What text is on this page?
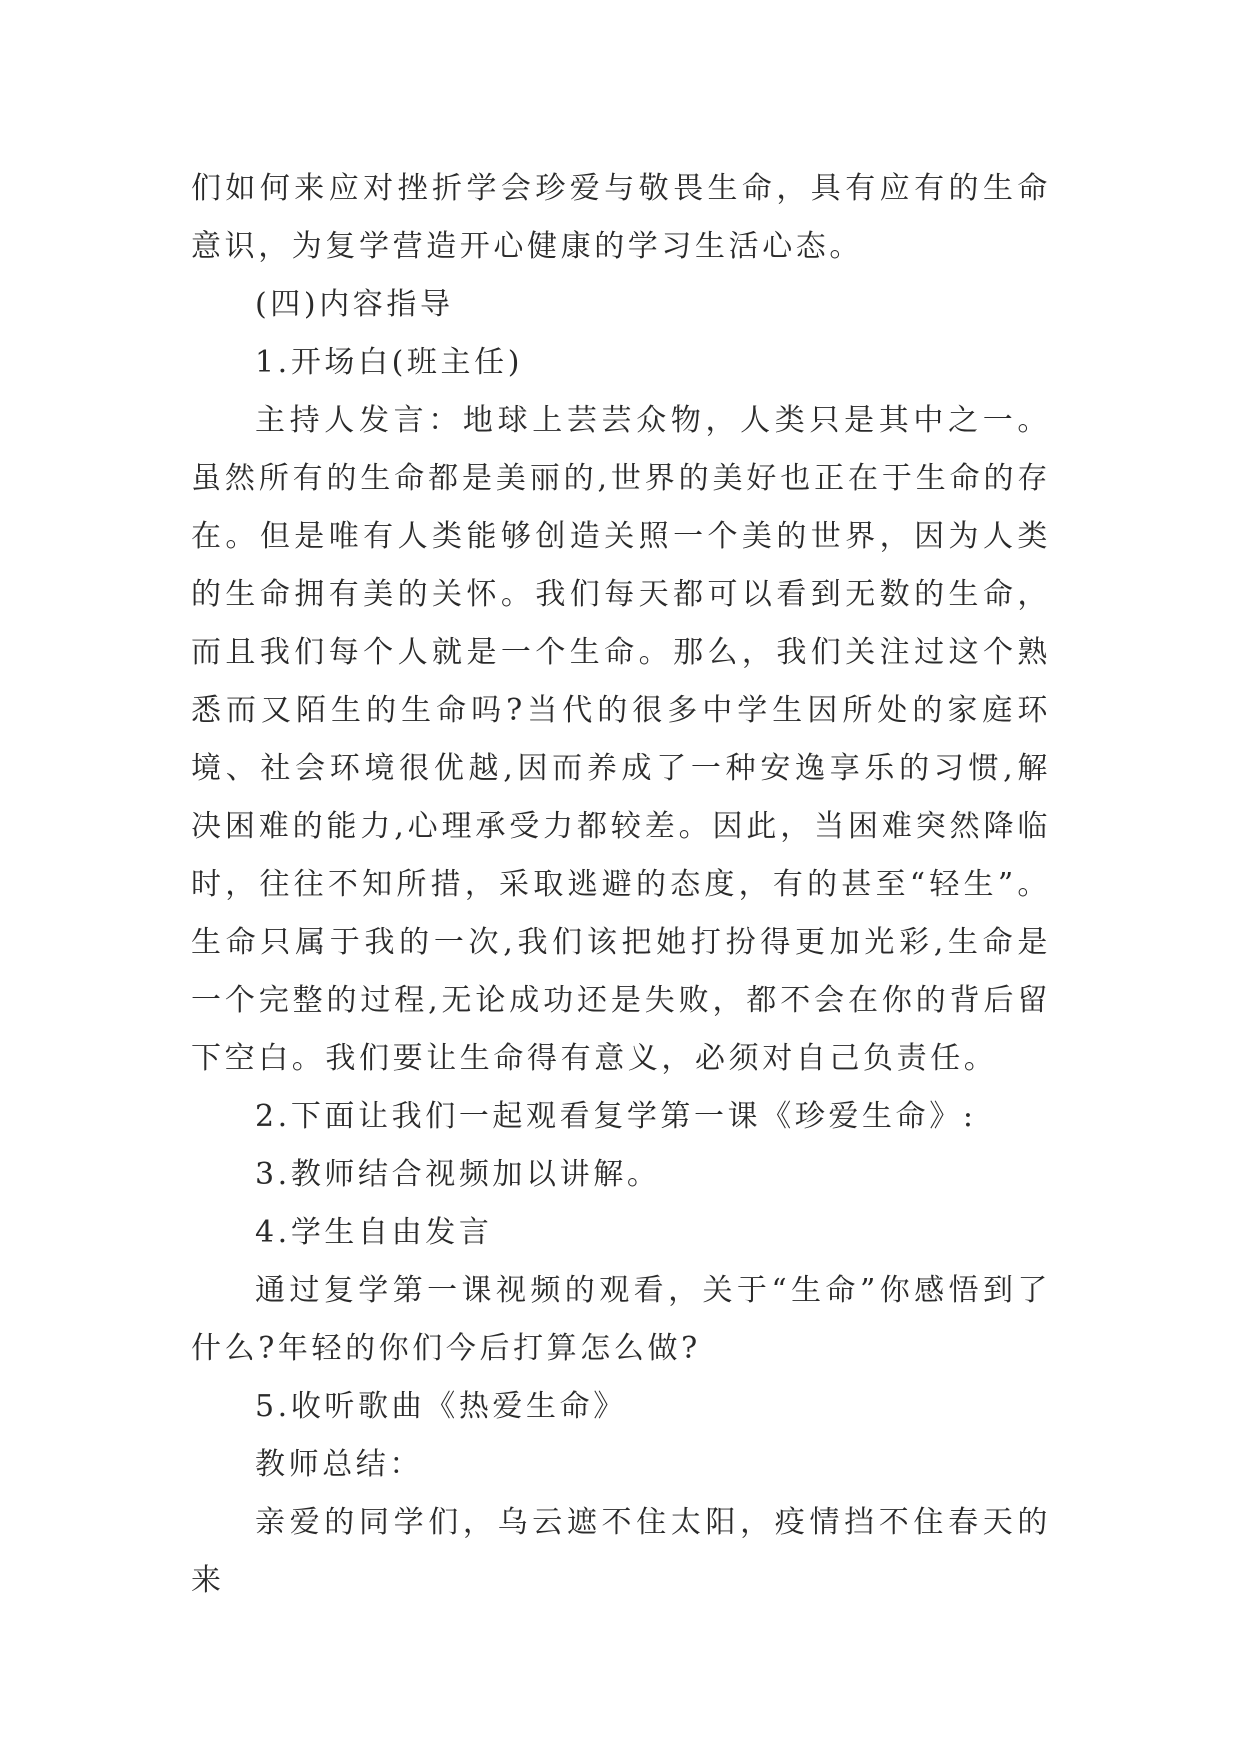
们如何来应对挫折学会珍爱与敬畏生命，具有应有的生命意识，为复学营造开心健康的学习生活心态。

(四)内容指导

1.开场白(班主任)

主持人发言：地球上芸芸众物，人类只是其中之一。虽然所有的生命都是美丽的,世界的美好也正在于生命的存在。但是唯有人类能够创造关照一个美的世界，因为人类的生命拥有美的关怀。我们每天都可以看到无数的生命，而且我们每个人就是一个生命。那么，我们关注过这个熟悉而又陌生的生命吗?当代的很多中学生因所处的家庭环境、社会环境很优越,因而养成了一种安逸享乐的习惯,解决困难的能力,心理承受力都较差。因此，当困难突然降临时，往往不知所措，采取逃避的态度，有的甚至“轻生”。生命只属于我的一次,我们该把她打扮得更加光彩,生命是一个完整的过程,无论成功还是失败，都不会在你的背后留下空白。我们要让生命得有意义，必须对自己负责任。

2.下面让我们一起观看复学第一课《珍爱生命》:

3.教师结合视频加以讲解。

4.学生自由发言

通过复学第一课视频的观看，关于“生命”你感悟到了什么?年轻的你们今后打算怎么做?

5.收听歌曲《热爱生命》

教师总结：

亲爱的同学们，乌云遮不住太阳，疫情挡不住春天的来
